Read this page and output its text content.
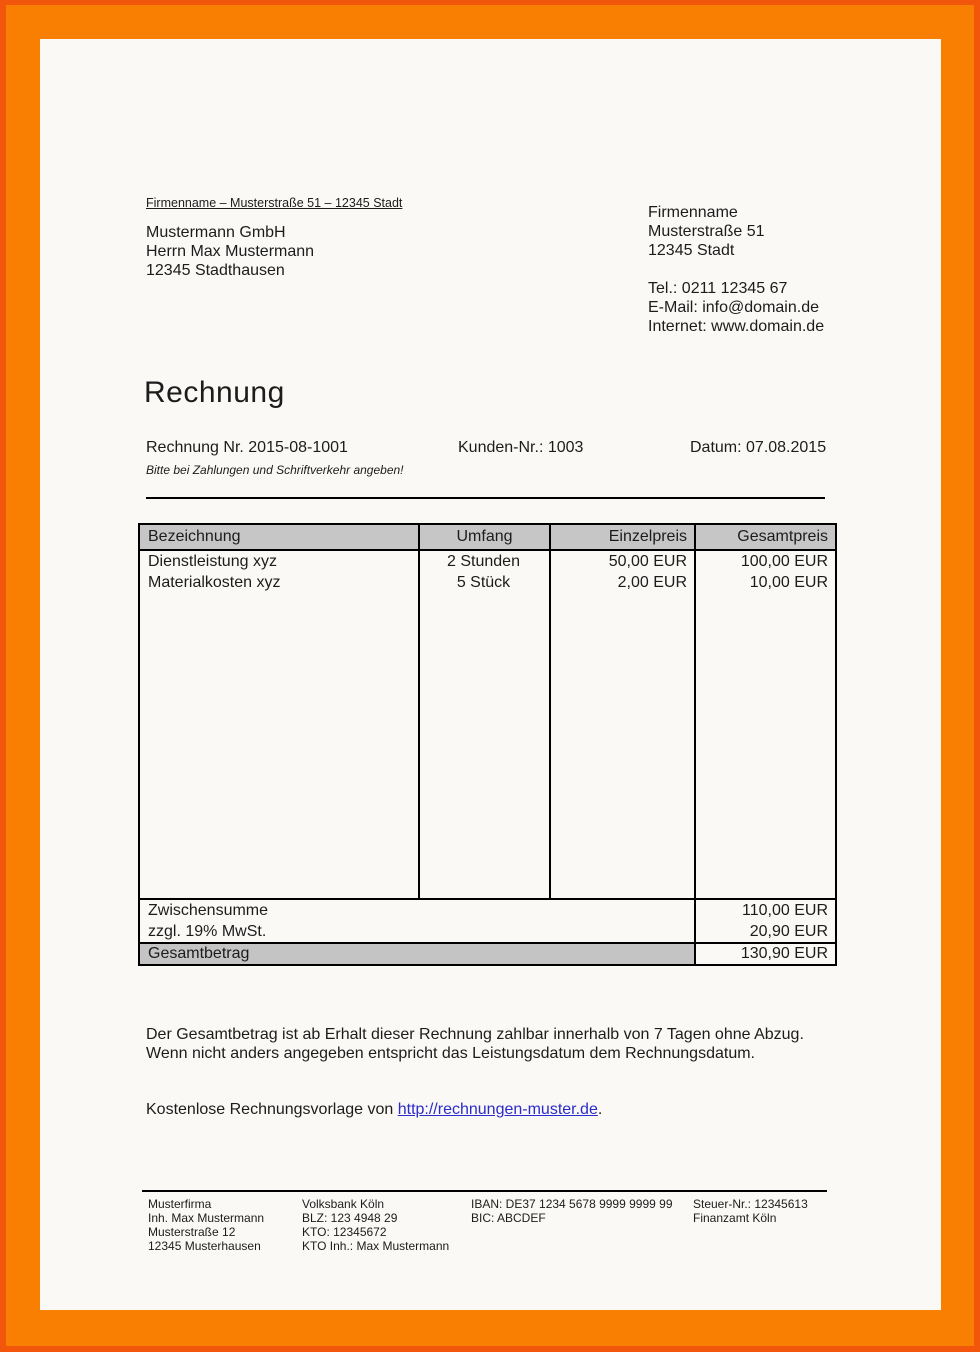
Firmenname – Musterstraße 51 – 12345 Stadt
Mustermann GmbH
Herrn Max Mustermann
12345 Stadthausen
Firmenname
Musterstraße 51
12345 Stadt
Tel.: 0211 12345 67
E-Mail: info@domain.de
Internet: www.domain.de
Rechnung
Rechnung Nr. 2015-08-1001	Kunden-Nr.: 1003	Datum: 07.08.2015
Bitte bei Zahlungen und Schriftverkehr angeben!
Bezeichnung	Umfang	Einzelpreis	Gesamtpreis
Dienstleistung xyz	2 Stunden	50,00 EUR	100,00 EUR
Materialkosten xyz	5 Stück	2,00 EUR	10,00 EUR
Zwischensumme	110,00 EUR
zzgl. 19% MwSt.	20,90 EUR
Gesamtbetrag	130,90 EUR
Der Gesamtbetrag ist ab Erhalt dieser Rechnung zahlbar innerhalb von 7 Tagen ohne Abzug.
Wenn nicht anders angegeben entspricht das Leistungsdatum dem Rechnungsdatum.
Kostenlose Rechnungsvorlage von http://rechnungen-muster.de.
Musterfirma
Inh. Max Mustermann
Musterstraße 12
12345 Musterhausen
Volksbank Köln
BLZ: 123 4948 29
KTO: 12345672
KTO Inh.: Max Mustermann
IBAN: DE37 1234 5678 9999 9999 99
BIC: ABCDEF
Steuer-Nr.: 12345613
Finanzamt Köln
